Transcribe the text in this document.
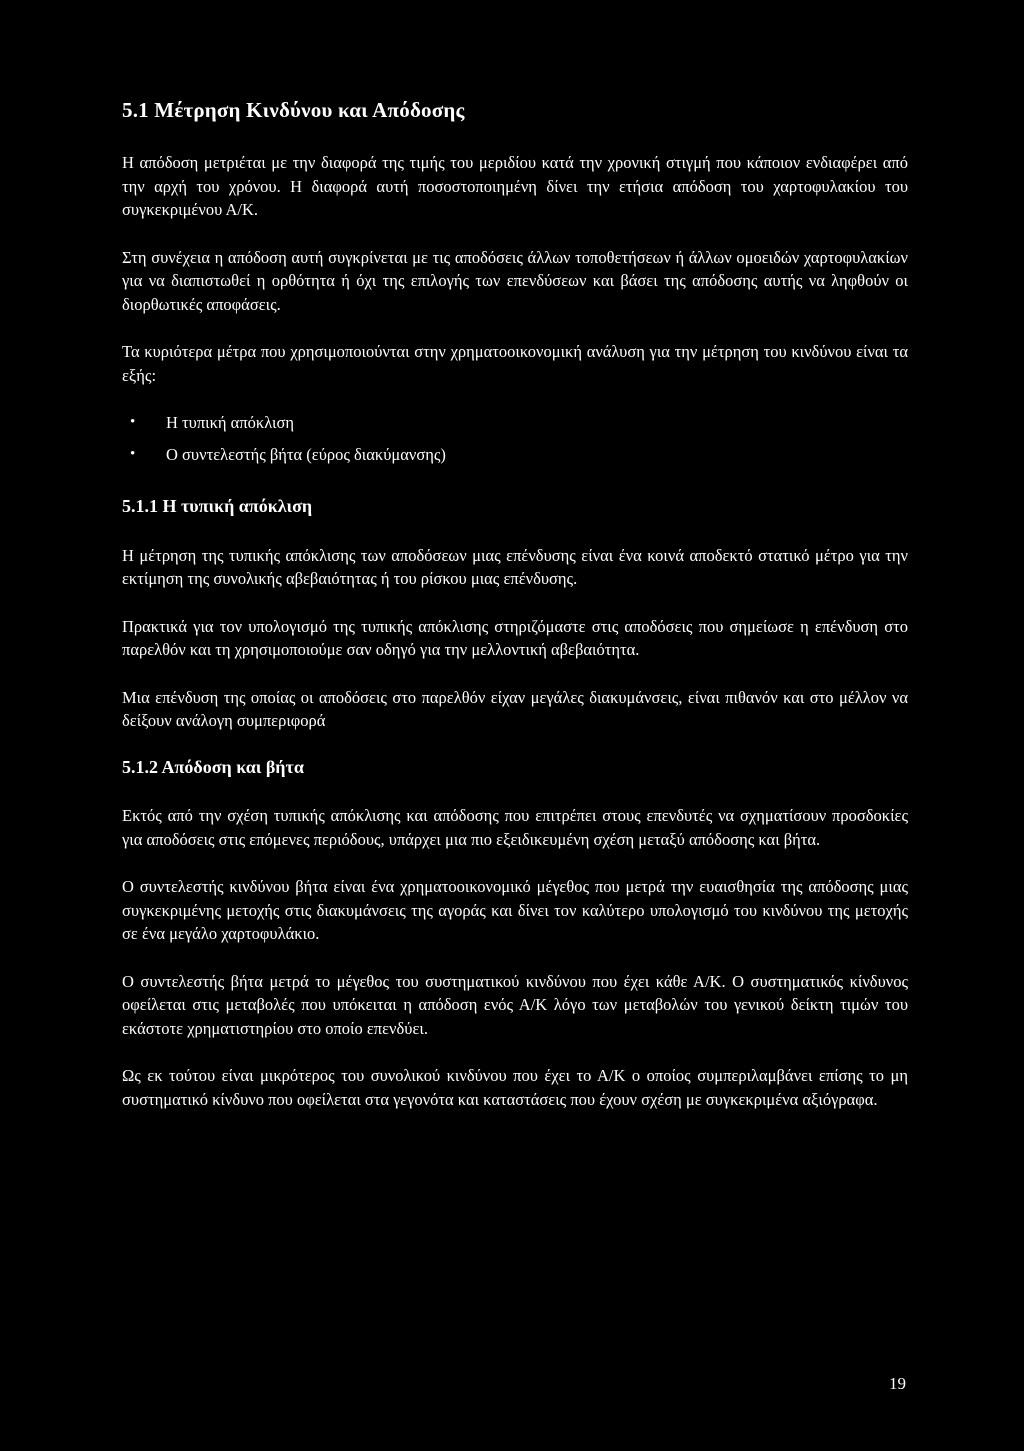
5.1 Μέτρηση Κινδύνου και Απόδοσης

Η απόδοση μετριέται με την διαφορά της τιμής του μεριδίου κατά την χρονική στιγμή που κάποιον ενδιαφέρει από την αρχή του χρόνου. Η διαφορά αυτή ποσοστοποιημένη δίνει την ετήσια απόδοση του χαρτοφυλακίου του συγκεκριμένου Α/Κ.

Στη συνέχεια η απόδοση αυτή συγκρίνεται με τις αποδόσεις άλλων τοποθετήσεων ή άλλων ομοειδών χαρτοφυλακίων για να διαπιστωθεί η ορθότητα ή όχι της επιλογής των επενδύσεων και βάσει της απόδοσης αυτής να ληφθούν οι διορθωτικές αποφάσεις.

Τα κυριότερα μέτρα που χρησιμοποιούνται στην χρηματοοικονομική ανάλυση για την μέτρηση του κινδύνου είναι τα εξής:

• Η τυπική απόκλιση
• Ο συντελεστής βήτα (εύρος διακύμανσης)
5.1.1 Η τυπική απόκλιση

Η μέτρηση της τυπικής απόκλισης των αποδόσεων μιας επένδυσης είναι ένα κοινά αποδεκτό στατικό μέτρο για την εκτίμηση της συνολικής αβεβαιότητας ή του ρίσκου μιας επένδυσης.

Πρακτικά για τον υπολογισμό της τυπικής απόκλισης στηριζόμαστε στις αποδόσεις που σημείωσε η επένδυση στο παρελθόν και τη χρησιμοποιούμε σαν οδηγό για την μελλοντική αβεβαιότητα.

Μια επένδυση της οποίας οι αποδόσεις στο παρελθόν είχαν μεγάλες διακυμάνσεις, είναι πιθανόν και στο μέλλον να δείξουν ανάλογη συμπεριφορά

5.1.2 Απόδοση και βήτα

Εκτός από την σχέση τυπικής απόκλισης και απόδοσης που επιτρέπει στους επενδυτές να σχηματίσουν προσδοκίες για αποδόσεις στις επόμενες περιόδους, υπάρχει μια πιο εξειδικευμένη σχέση μεταξύ απόδοσης και βήτα.

Ο συντελεστής κινδύνου βήτα είναι ένα χρηματοοικονομικό μέγεθος που μετρά την ευαισθησία της απόδοσης μιας συγκεκριμένης μετοχής στις διακυμάνσεις της αγοράς και δίνει τον καλύτερο υπολογισμό του κινδύνου της μετοχής σε ένα μεγάλο χαρτοφυλάκιο.

Ο συντελεστής βήτα μετρά το μέγεθος του συστηματικού κινδύνου που έχει κάθε Α/Κ. Ο συστηματικός κίνδυνος οφείλεται στις μεταβολές που υπόκειται η απόδοση ενός Α/Κ λόγο των μεταβολών του γενικού δείκτη τιμών του εκάστοτε χρηματιστηρίου στο οποίο επενδύει.

Ως εκ τούτου είναι μικρότερος του συνολικού κινδύνου που έχει το Α/Κ ο οποίος συμπεριλαμβάνει επίσης το μη συστηματικό κίνδυνο που οφείλεται στα γεγονότα και καταστάσεις που έχουν σχέση με συγκεκριμένα αξιόγραφα.

19
